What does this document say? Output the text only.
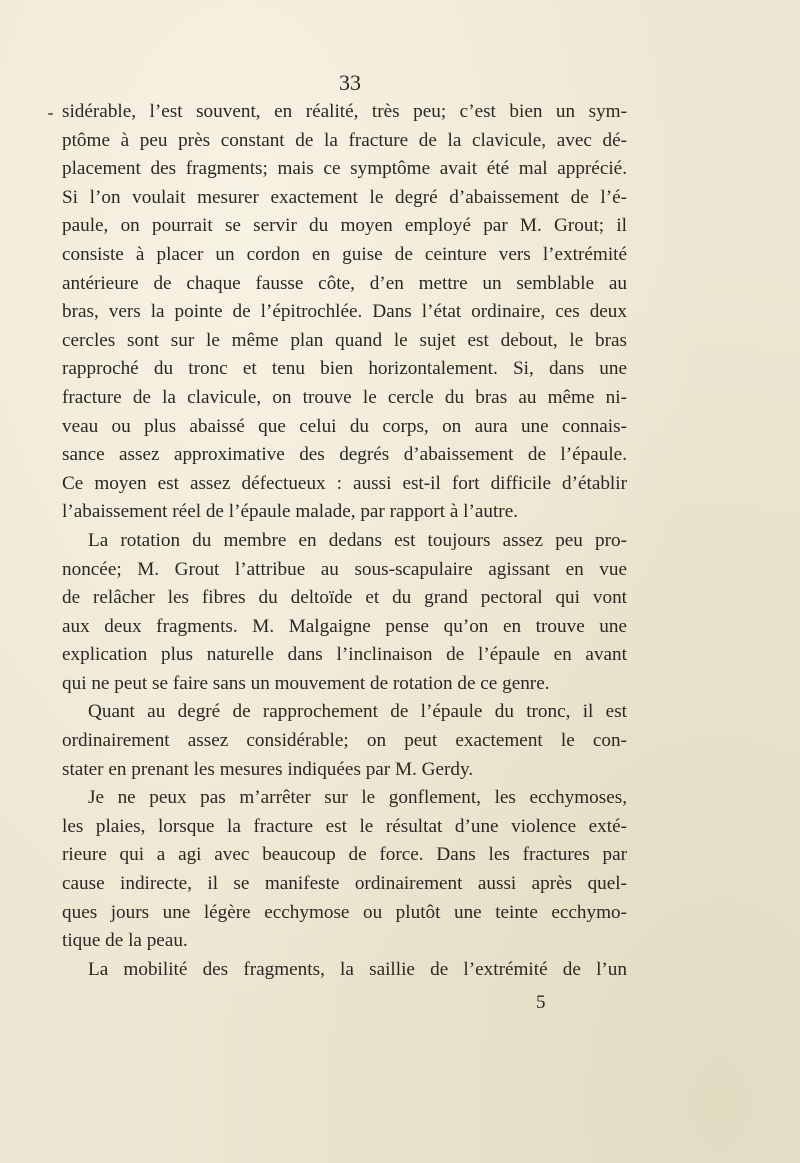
33
sidérable, l’est souvent, en réalité, très peu; c’est bien un sym-
ptôme à peu près constant de la fracture de la clavicule, avec dé-
placement des fragments; mais ce symptôme avait été mal apprécié.
Si l’on voulait mesurer exactement le degré d’abaissement de l’é-
paule, on pourrait se servir du moyen employé par M. Grout; il
consiste à placer un cordon en guise de ceinture vers l’extrémité
antérieure de chaque fausse côte, d’en mettre un semblable au
bras, vers la pointe de l’épitrochlée. Dans l’état ordinaire, ces deux
cercles sont sur le même plan quand le sujet est debout, le bras
rapproché du tronc et tenu bien horizontalement. Si, dans une
fracture de la clavicule, on trouve le cercle du bras au même ni-
veau ou plus abaissé que celui du corps, on aura une connais-
sance assez approximative des degrés d’abaissement de l’épaule.
Ce moyen est assez défectueux : aussi est-il fort difficile d’établir
l’abaissement réel de l’épaule malade, par rapport à l’autre.
La rotation du membre en dedans est toujours assez peu pro-
noncée; M. Grout l’attribue au sous-scapulaire agissant en vue
de relâcher les fibres du deltoïde et du grand pectoral qui vont
aux deux fragments. M. Malgaigne pense qu’on en trouve une
explication plus naturelle dans l’inclinaison de l’épaule en avant
qui ne peut se faire sans un mouvement de rotation de ce genre.
Quant au degré de rapprochement de l’épaule du tronc, il est
ordinairement assez considérable; on peut exactement le con-
stater en prenant les mesures indiquées par M. Gerdy.
Je ne peux pas m’arrêter sur le gonflement, les ecchymoses,
les plaies, lorsque la fracture est le résultat d’une violence exté-
rieure qui a agi avec beaucoup de force. Dans les fractures par
cause indirecte, il se manifeste ordinairement aussi après quel-
ques jours une légère ecchymose ou plutôt une teinte ecchymo-
tique de la peau.
La mobilité des fragments, la saillie de l’extrémité de l’un
5
